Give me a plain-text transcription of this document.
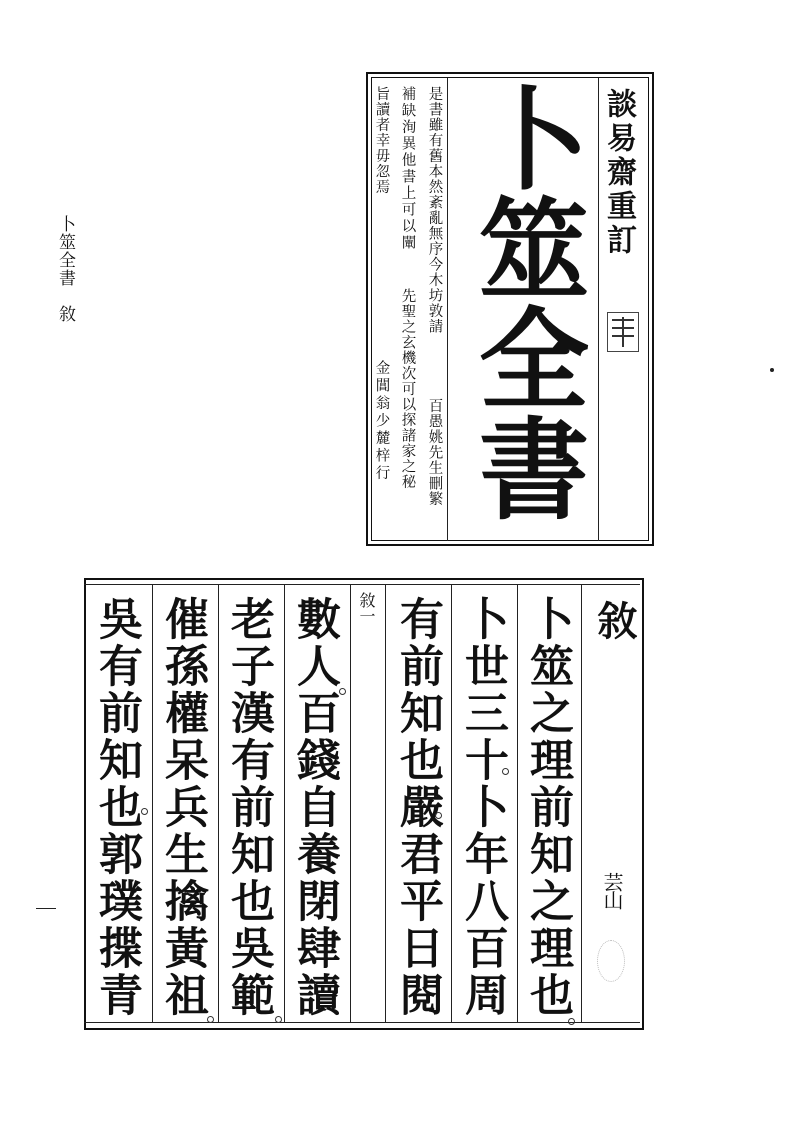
卜筮全書
敘
談易齋重訂
卜筮全書
是書雖有舊本然紊亂無序今木坊敦請
百愚姚先生刪繁
補缺洵異他書上可以闡
先聖之玄機次可以探諸家之秘
旨讀者幸毋忽焉
金閶翁少麓梓行
敘
芸山
敘一	卜筮之理前知之理也
卜世三十卜年八百周
有前知也嚴君平日閱
數人百錢自養閉肆讀
老子漢有前知也吳範
催孫權呆兵生擒黃祖
吳有前知也郭璞揲青
